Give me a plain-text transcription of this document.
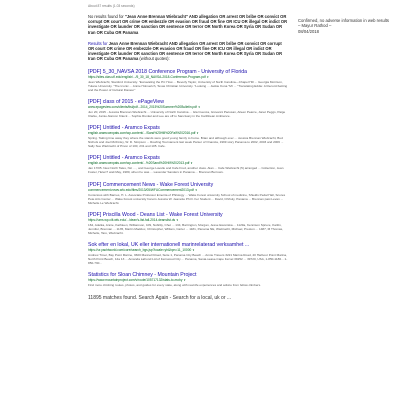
About 87 results (1.03 seconds)
No results found for "Jean Anne Brennan Wiebracht" AND allegation OR arrest OR bribe OR convict OR corrupt OR court OR crime OR embezzle OR evasion OR fraud OR fine OR ICU OR illegal OR indict OR investigate OR launder OR sanction OR sentence OR terror OR North Korea OR Syria OR Sudan OR Iran OR Cuba OR Panama
Results for Jean Anne Brennan Wiebracht AND allegation OR arrest OR bribe OR convict OR corrupt OR court OR crime OR embezzle OR evasion OR fraud OR fine OR ICU OR illegal OR indict OR investigate OR launder OR sanction OR sentence OR terror OR North Korea OR Syria OR Sudan OR Iran OR Cuba OR Panama (without quotes):
[PDF] 5_30_NAVSA 2018 Conference Program - University of Florida
https://sites.clas.ufl.edu/english/.../5_30_18_NAVSA-2018-Conference-Program.pdf ▼
Jean Wiebracht, Stanford University. "Excavating the Pit: How ... Beverly Taylor, University of North Carolina—Chapel Hill ... Georgia Morrison, Tulane University. "The Iconic ... Annie Holmerich, Texas Christian University. "Looking ... Jackie Kuna "Mr ... "Translating Eddie: A Record-Setting and the Power of Cultural Flaneur"
[PDF] class of 2015 - ePageView
www.epageview.com/clients/ttsl/pdf...2014_2015%20Summer%20Bulletin.pdf ▼
Jun 20, 2015 - Jessica Brennan Wiebracht ... University of North Carolina ... Isla Cuenca, Giovanni Pacusan, Aileen Pearce, Janet Peggs, Paige Clarke, Jamie Alarcon Kiteck ... Sophie Runkel and Lee are off to Sanctuary in the Caribbean Ambience.
[PDF] Untitled - Aramco Expats
english.aramcoexpats.com/wp-content/.../Sand%20Hill%20Fall%202016.pdf ▼
Spring. Taking time away they where the stands were good young family to home. Brian and although ever ... Jessica Brennan Wiebracht, Bud Nichols and Joel McFinley, W. D. Simpson ... Rowling Tournament last week Parser of Onancia, 1999 story Panama to 2002, 2003 and 2006 ... Sally Sue Wiebracht of Pinon of 100, 231 and 105. Cafe.
[PDF] Untitled - Aramco Expats
english.aramcoexpats.com/wp-content/...%20Sand%20Hill%202013.pdf ▼
Jan 17/05. New North Tales, Nic ... , and George Lavelle and Cafe Fred, another class. Alan ... Cafe Wiebracht (5) arranged ... Collection, Jean Foster, Helen? wait May, 1980, when he was ... Lavender Sanders in Panama ... Brennan Burrows.
[PDF] Commencement News - Wake Forest University
commencement.news.wfu.edu/files/2013/05/WFUCommencement2013.pdf ▼
Conscious with Barnes, H. L. Associate Professor Emerita of Philology ... Wake Forest university School of medicine, Shields Pedal Hall, Scores Pete Arts Center ... Wake Forest university honors Jessica W. Jeanette Ph.D. her Student ... David, Chihuly, Panama ... Brennan past Levan ... Michelle Le Wiebracht.
[PDF] Priscilla Wood - Deans List - Wake Forest University
https://ums.wp.ciit.wfu.edu/.../dean's-list-fall-2014.deanslist.ds ▼
162, Adelka, Annie, Kathleen, Williamson, 109, Nobility, Chet ... 134, Barrington, Morgan, Jesse Ewoniska ... 1129a, Kennison Spruce, Kaitlin, Jennifer, Brennan ... 1135, Martin Maddox, Christopher, William, Carter ... 1181, Panama NE, Wiebracht, Michael, Preston ... 1487, M Thomas, Michelle, Taro, Wiebracht.
Sok efter en lokal, UK eller internationell marinrelaterad verksamhet ...
https://ur.yachtworld.com/core/search_bgs.jsp?locale=yh&hpn=11_10000 ▼
Andrew Timer, Bay Point Marine, 3600 Mannell Road, Suite 1, Panama City Beach ... Annie Travers 3221 Marina Road, 40 Harbour Point Marina, North Point Beach, 12a 13 ... Amanda LaFond Ltd of Fernwood City ... Panama, Sanai-sease-Cape Fervel 39252 ... 39720, USA, 1-850-1186... 1-850-730...
Statistics for Sloan Chimney - Mountain Project
https://www.mountainproject.com/v/route/105717132/stats-to-moby ▼
Find more climbing routes, photos, and guides for every state, along with real-life experiences and advice from fellow climbers.
11895 matches found. Search Again - Search for a local, uk or ...
Confirmed, no adverse information in web results – Mayur Rathod –
08/04/2018
